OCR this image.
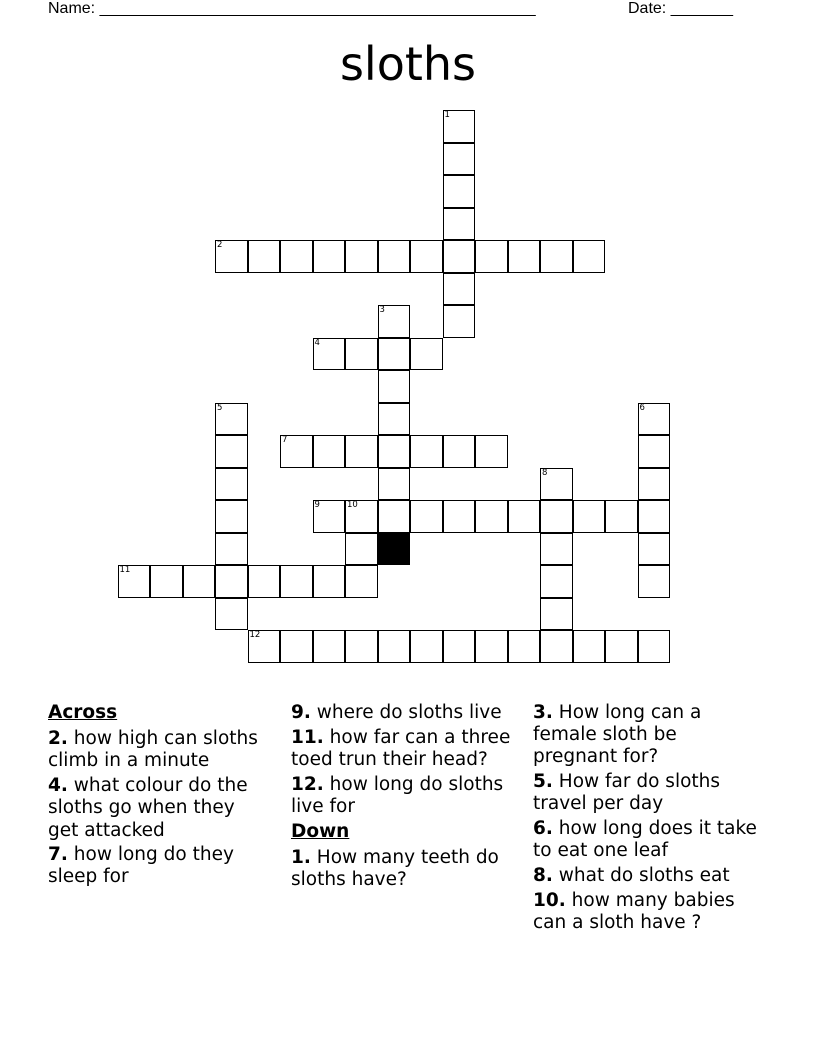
Name: _________________________________________________	Date: _______
sloths
1
2
3
4
5	6
7
8
9	10
11
12
Across
2. how high can sloths climb in a minute
4. what colour do the sloths go when they get attacked
7. how long do they sleep for
9. where do sloths live
11. how far can a three toed trun their head?
12. how long do sloths live for
Down
1. How many teeth do sloths have?
3. How long can a female sloth be pregnant for?
5. How far do sloths travel per day
6. how long does it take to eat one leaf
8. what do sloths eat
10. how many babies can a sloth have ?
